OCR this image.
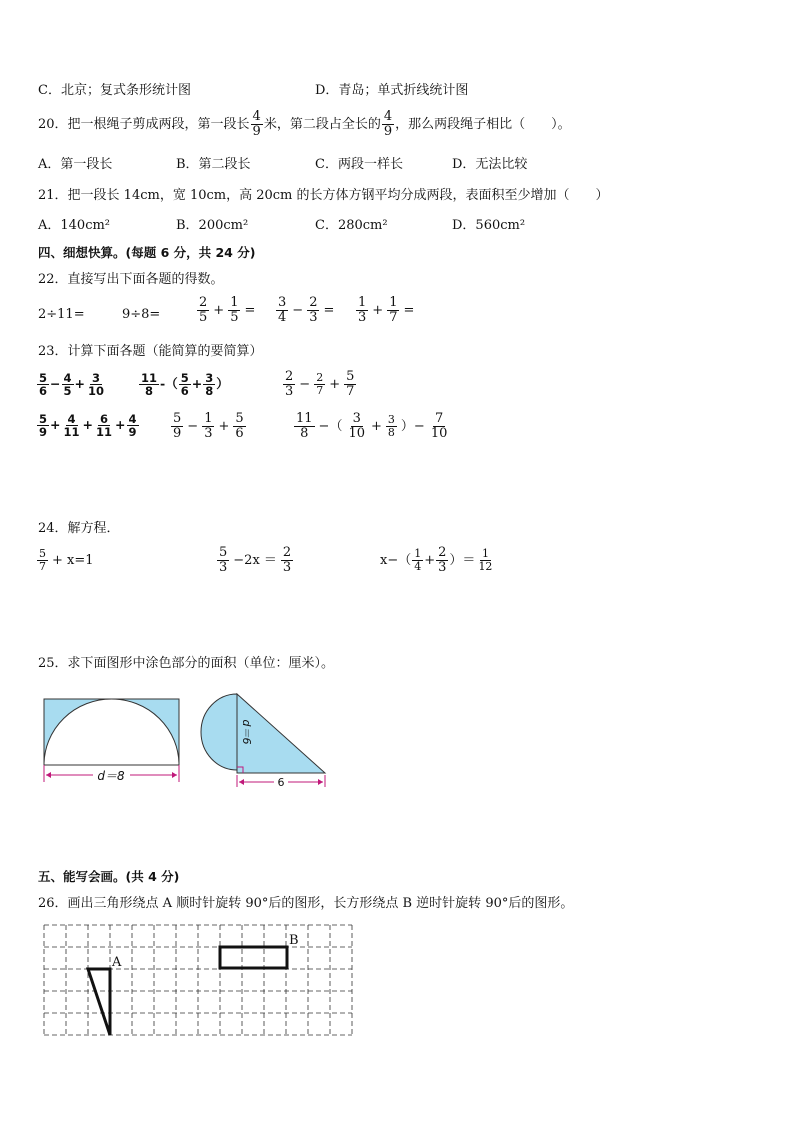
C．北京；复式条形统计图	D．青岛；单式折线统计图
20．把一根绳子剪成两段，第一段长 $\frac{4}{9}$ 米，第二段占全长的 $\frac{4}{9}$ ，那么两段绳子相比（　　）。
A．第一段长	B．第二段长	C．两段一样长	D．无法比较
21．把一段长 14cm，宽 10cm，高 20cm 的长方体方钢平均分成两段，表面积至少增加（　　）
A．140cm²	B．200cm²	C．280cm²	D．560cm²
四、细想快算。(每题 6 分，共 24 分)
22．直接写出下面各题的得数。
2÷11=	9÷8=	$\frac{2}{5} + \frac{1}{5} = \frac{3}{4} - \frac{2}{3} = \frac{1}{3} + \frac{1}{7}$ =
23．计算下面各题（能简算的要简算）
$\frac{5}{6} - \frac{4}{5} + \frac{3}{10}$	$\frac{11}{8}$ -（ $\frac{5}{6} + \frac{3}{8}$ ）	$\frac{2}{3} - \frac{2}{7} + \frac{5}{7}$
$\frac{5}{9} + \frac{4}{11} + \frac{6}{11} + \frac{4}{9} \frac{5}{9} - \frac{1}{3} + \frac{5}{6}$	$\frac{11}{8}$ −（ $\frac{3}{10} + \frac{3}{8}$ ）− $\frac{7}{10}$
24．解方程．
$\frac{5}{7} + x=1$	$\frac{5}{3} -2x = \frac{2}{3}$	$x-( \frac{1}{4} + \frac{2}{3}$ ）＝ $\frac{1}{12}$
25．求下面图形中涂色部分的面积（单位：厘米）。
d＝8
d＝6
6
五、能写会画。(共 4 分)
26．画出三角形绕点 A 顺时针旋转 90°后的图形，长方形绕点 B 逆时针旋转 90°后的图形。
A
B
